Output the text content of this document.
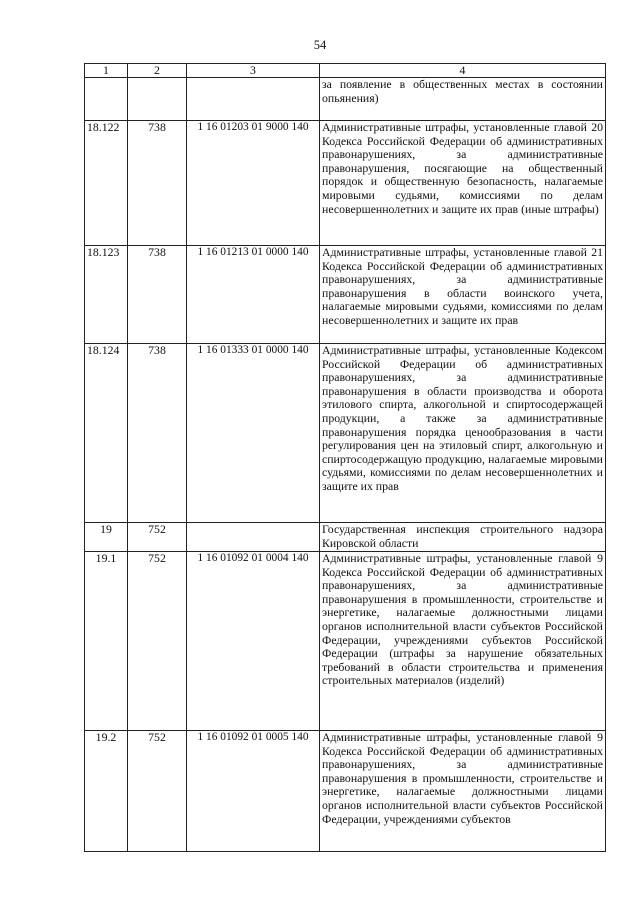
54
1	2	3	4
			за появление в общественных местах в состоянии опьянения)
18.122	738	1 16 01203 01 9000 140	Административные штрафы, установленные главой 20 Кодекса Российской Федерации об административных правонарушениях, за административные правонарушения, посягающие на общественный порядок и общественную безопасность, налагаемые мировыми судьями, комиссиями по делам несовершеннолетних и защите их прав (иные штрафы)
18.123	738	1 16 01213 01 0000 140	Административные штрафы, установленные главой 21 Кодекса Российской Федерации об административных правонарушениях, за административные правонарушения в области воинского учета, налагаемые мировыми судьями, комиссиями по делам несовершеннолетних и защите их прав
18.124	738	1 16 01333 01 0000 140	Административные штрафы, установленные Кодексом Российской Федерации об административных правонарушениях, за административные правонарушения в области производства и оборота этилового спирта, алкогольной и спиртосодержащей продукции, а также за административные правонарушения порядка ценообразования в части регулирования цен на этиловый спирт, алкогольную и спиртосодержащую продукцию, налагаемые мировыми судьями, комиссиями по делам несовершеннолетних и защите их прав
19	752		Государственная инспекция строительного надзора Кировской области
19.1	752	1 16 01092 01 0004 140	Административные штрафы, установленные главой 9 Кодекса Российской Федерации об административных правонарушениях, за административные правонарушения в промышленности, строительстве и энергетике, налагаемые должностными лицами органов исполнительной власти субъектов Российской Федерации, учреждениями субъектов Российской Федерации (штрафы за нарушение обязательных требований в области строительства и применения строительных материалов (изделий)
19.2	752	1 16 01092 01 0005 140	Административные штрафы, установленные главой 9 Кодекса Российской Федерации об административных правонарушениях, за административные правонарушения в промышленности, строительстве и энергетике, налагаемые должностными лицами органов исполнительной власти субъектов Российской Федерации, учреждениями субъектов
